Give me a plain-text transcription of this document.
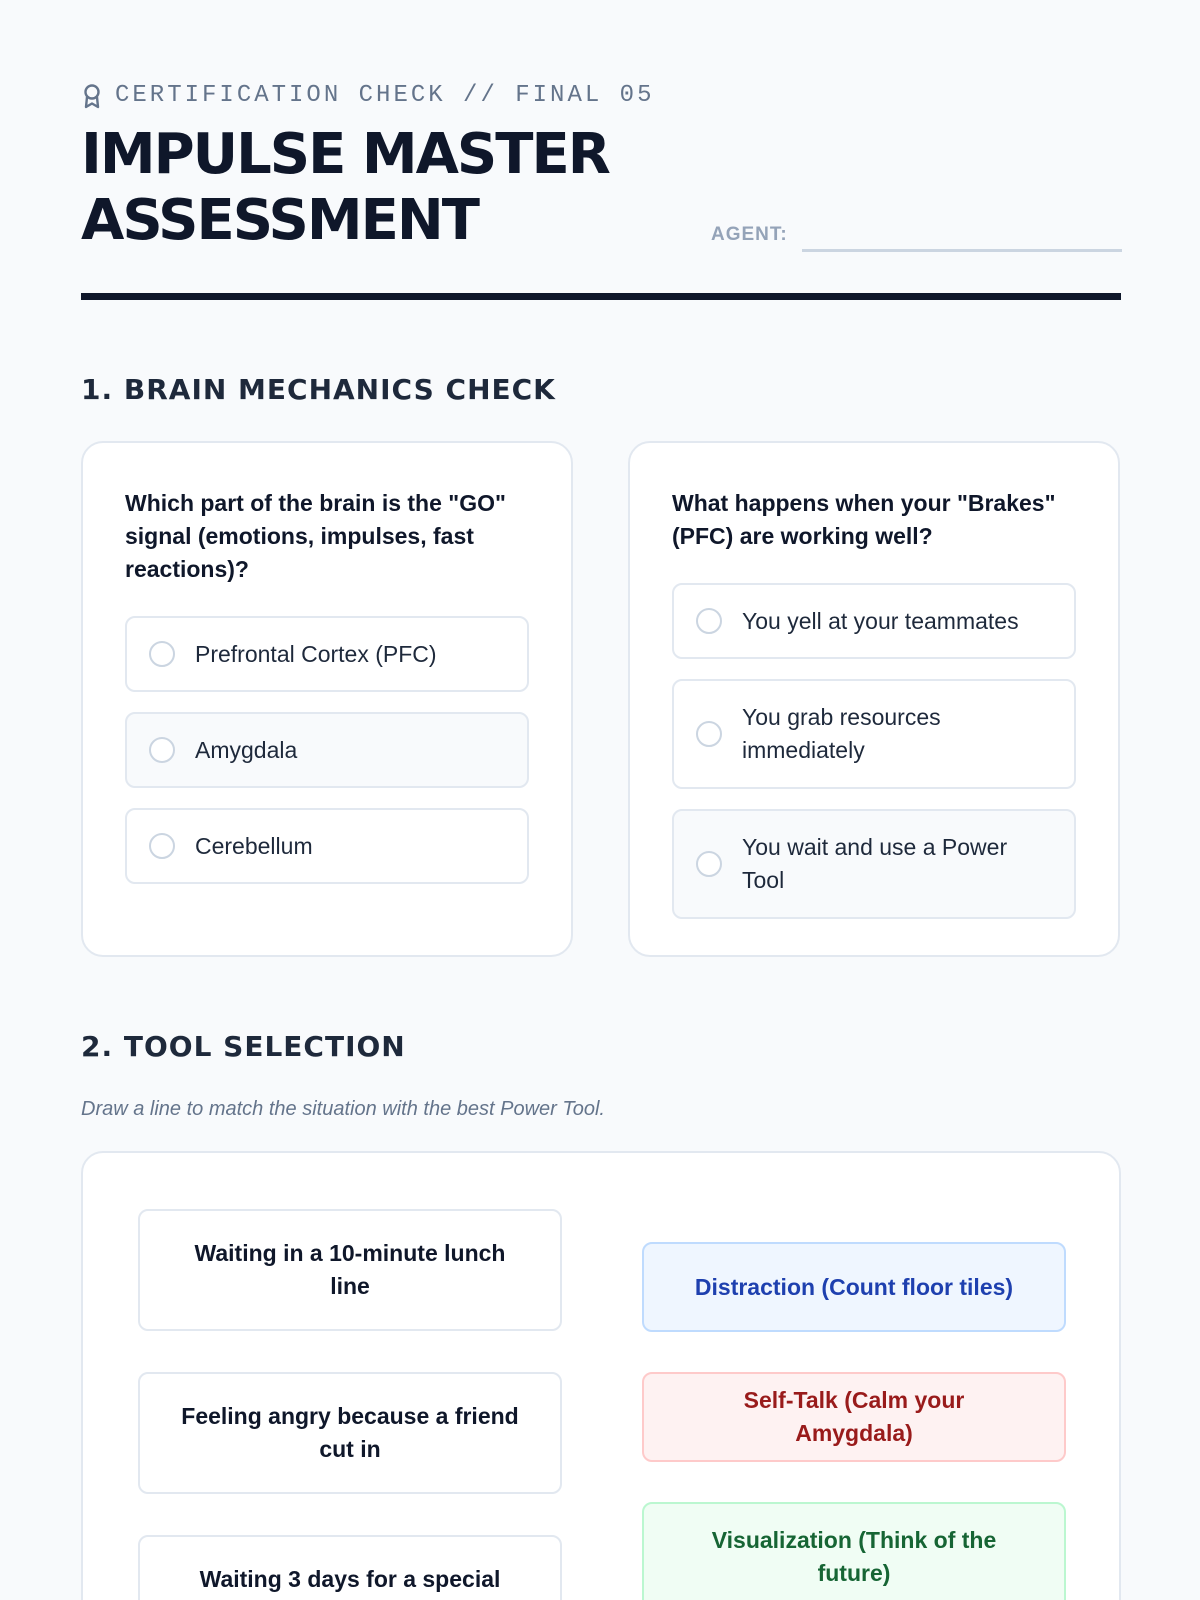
CERTIFICATION CHECK // FINAL 05
IMPULSE MASTER ASSESSMENT	AGENT:
1. BRAIN MECHANICS CHECK

Which part of the brain is the "GO" signal (emotions, impulses, fast reactions)?

Prefrontal Cortex (PFC)
Amygdala
Cerebellum

What happens when your "Brakes" (PFC) are working well?

You yell at your teammates
You grab resources immediately
You wait and use a Power Tool
2. TOOL SELECTION

Draw a line to match the situation with the best Power Tool.

Waiting in a 10-minute lunch line
Feeling angry because a friend cut in
Waiting 3 days for a special
Distraction (Count floor tiles)
Self-Talk (Calm your Amygdala)
Visualization (Think of the future)
